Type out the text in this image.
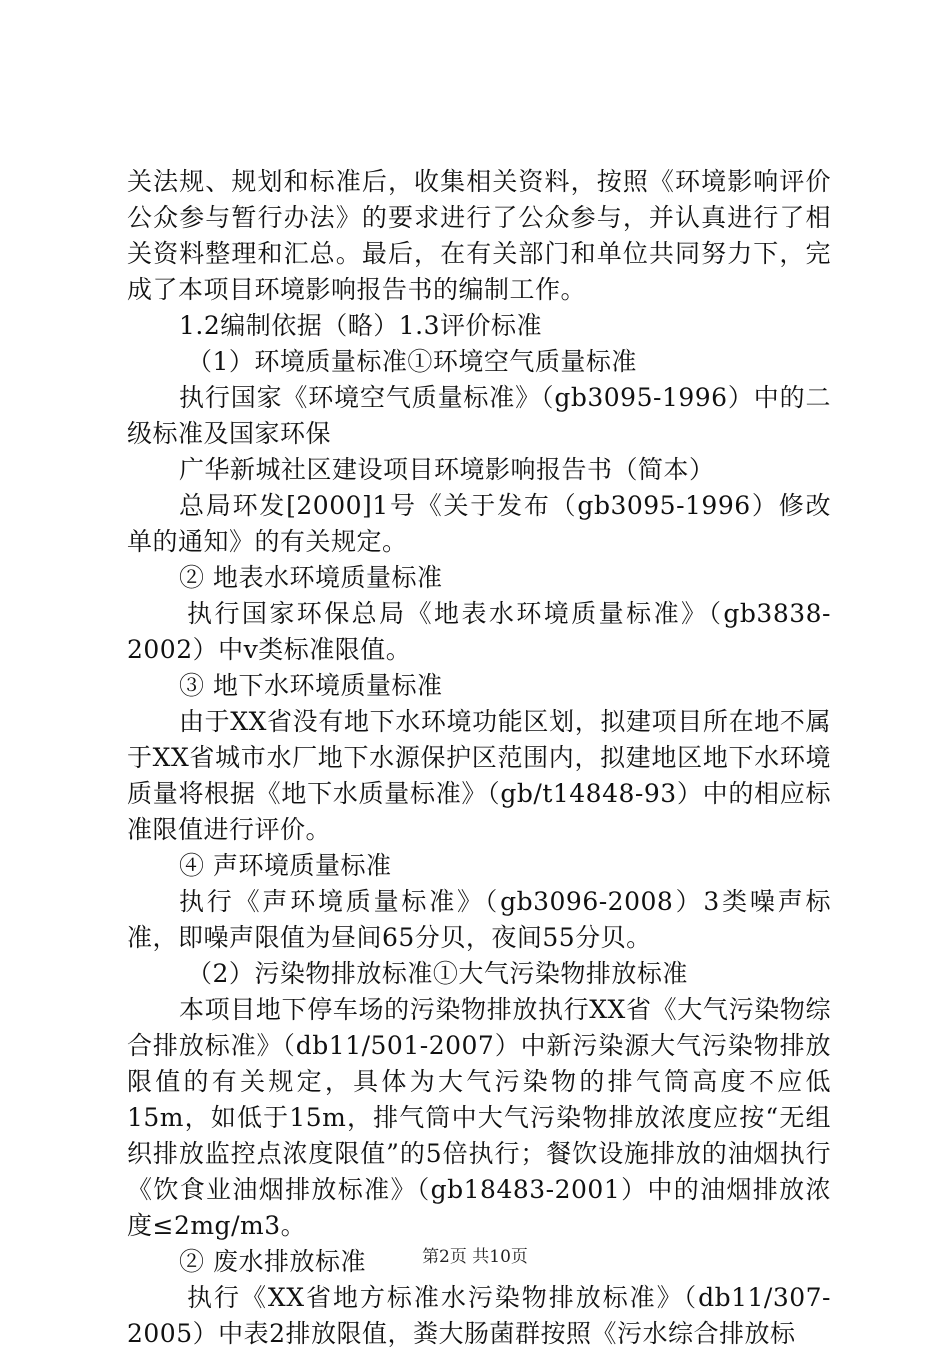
关法规、规划和标准后，收集相关资料，按照《环境影响评价公众参与暂行办法》的要求进行了公众参与，并认真进行了相关资料整理和汇总。最后，在有关部门和单位共同努力下，完成了本项目环境影响报告书的编制工作。

1.2编制依据（略）1.3评价标准

（1）环境质量标准①环境空气质量标准

执行国家《环境空气质量标准》（gb3095-1996）中的二级标准及国家环保

广华新城社区建设项目环境影响报告书（简本）

总局环发[2000]1号《关于发布（gb3095-1996）修改单的通知》的有关规定。

② 地表水环境质量标准

执行国家环保总局《地表水环境质量标准》（gb3838-2002）中v类标准限值。

③ 地下水环境质量标准

由于XX省没有地下水环境功能区划，拟建项目所在地不属于XX省城市水厂地下水源保护区范围内，拟建地区地下水环境质量将根据《地下水质量标准》（gb/t14848-93）中的相应标准限值进行评价。

④ 声环境质量标准

执行《声环境质量标准》（gb3096-2008）3类噪声标准，即噪声限值为昼间65分贝，夜间55分贝。

（2）污染物排放标准①大气污染物排放标准

本项目地下停车场的污染物排放执行XX省《大气污染物综合排放标准》（db11/501-2007）中新污染源大气污染物排放限值的有关规定，具体为大气污染物的排气筒高度不应低15m，如低于15m，排气筒中大气污染物排放浓度应按“无组织排放监控点浓度限值”的5倍执行；餐饮设施排放的油烟执行《饮食业油烟排放标准》（gb18483-2001）中的油烟排放浓度≤2mg/m3。

② 废水排放标准

执行《XX省地方标准水污染物排放标准》（db11/307-2005）中表2排放限值，粪大肠菌群按照《污水综合排放标

第2页 共10页
